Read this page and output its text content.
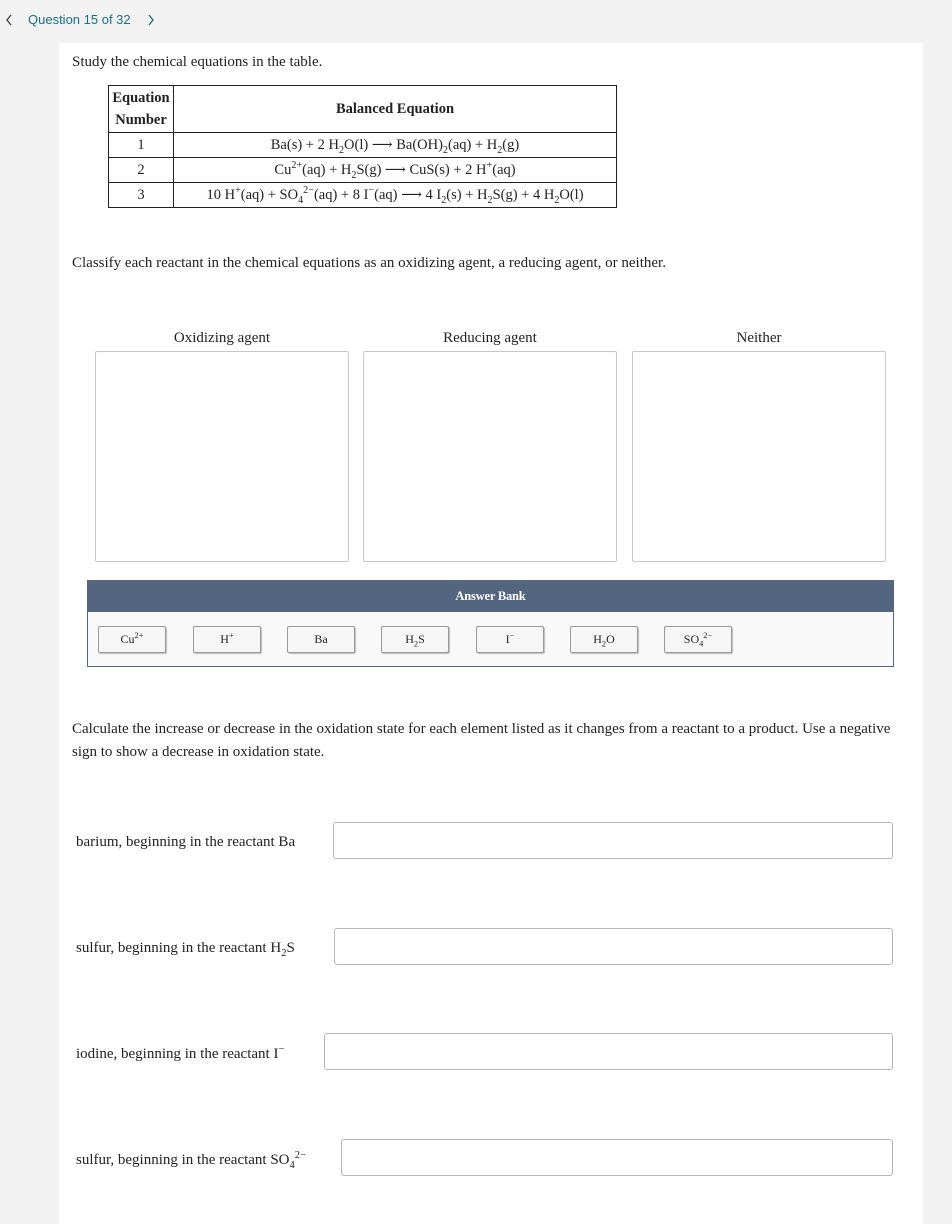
Question 15 of 32
Study the chemical equations in the table.
Equation Number	Balanced Equation
1	Ba(s) + 2 $H_2O(l)$ ⟶ $Ba(OH)_2(aq) + H_2(g)$
2	$Cu^{2+}(aq) + H_2S(g)$ ⟶ CuS(s) + 2 H+(aq)
3	10 $H^+(aq) + SO_4^{2-}(aq) + 8$ I−(aq) ⟶ 4 $I_2(s) + H_2S(g) + 4$ $H_2O(l)$
Classify each reactant in the chemical equations as an oxidizing agent, a reducing agent, or neither.
Oxidizing agent	Reducing agent	Neither
Answer Bank
$Cu^{2+}$	H+	Ba	$H_2S$	I−	$H_2O$	$SO_4^{2-}$
Calculate the increase or decrease in the oxidation state for each element listed as it changes from a reactant to a product. Use a negative sign to show a decrease in oxidation state.
barium, beginning in the reactant Ba
sulfur, beginning in the reactant $H_2S$
iodine, beginning in the reactant I−
sulfur, beginning in the reactant $SO_4^{2-}$
